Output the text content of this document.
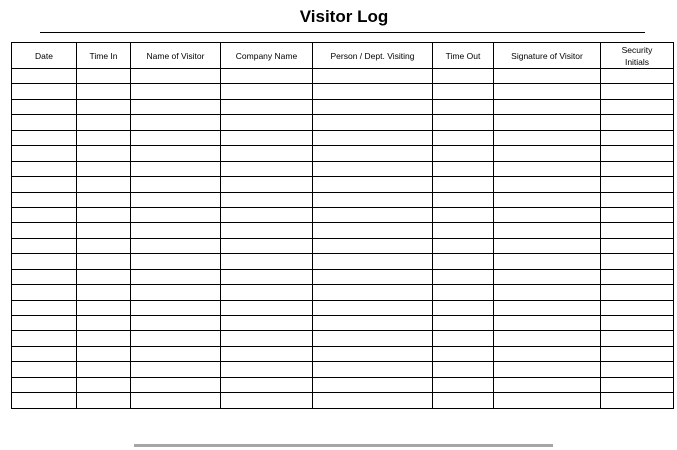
Visitor Log
Date	Time In	Name of Visitor	Company Name	Person / Dept. Visiting	Time Out	Signature of Visitor	Security Initials
